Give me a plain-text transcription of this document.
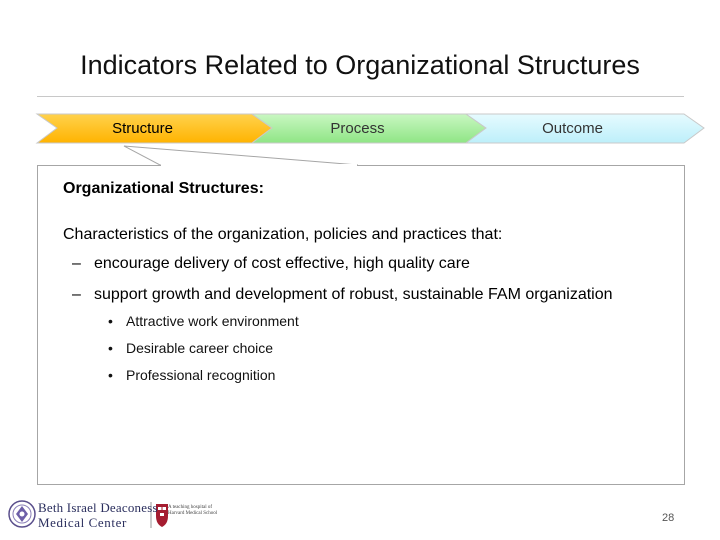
Indicators Related to Organizational Structures
Structure	Process	Outcome
Organizational Structures:
Characteristics of the organization, policies and practices that:
– encourage delivery of cost effective, high quality care
– support growth and development of robust, sustainable FAM organization
• Attractive work environment
• Desirable career choice
• Professional recognition
Beth Israel Deaconess
Medical Center
A teaching hospital of Harvard Medical School	28
